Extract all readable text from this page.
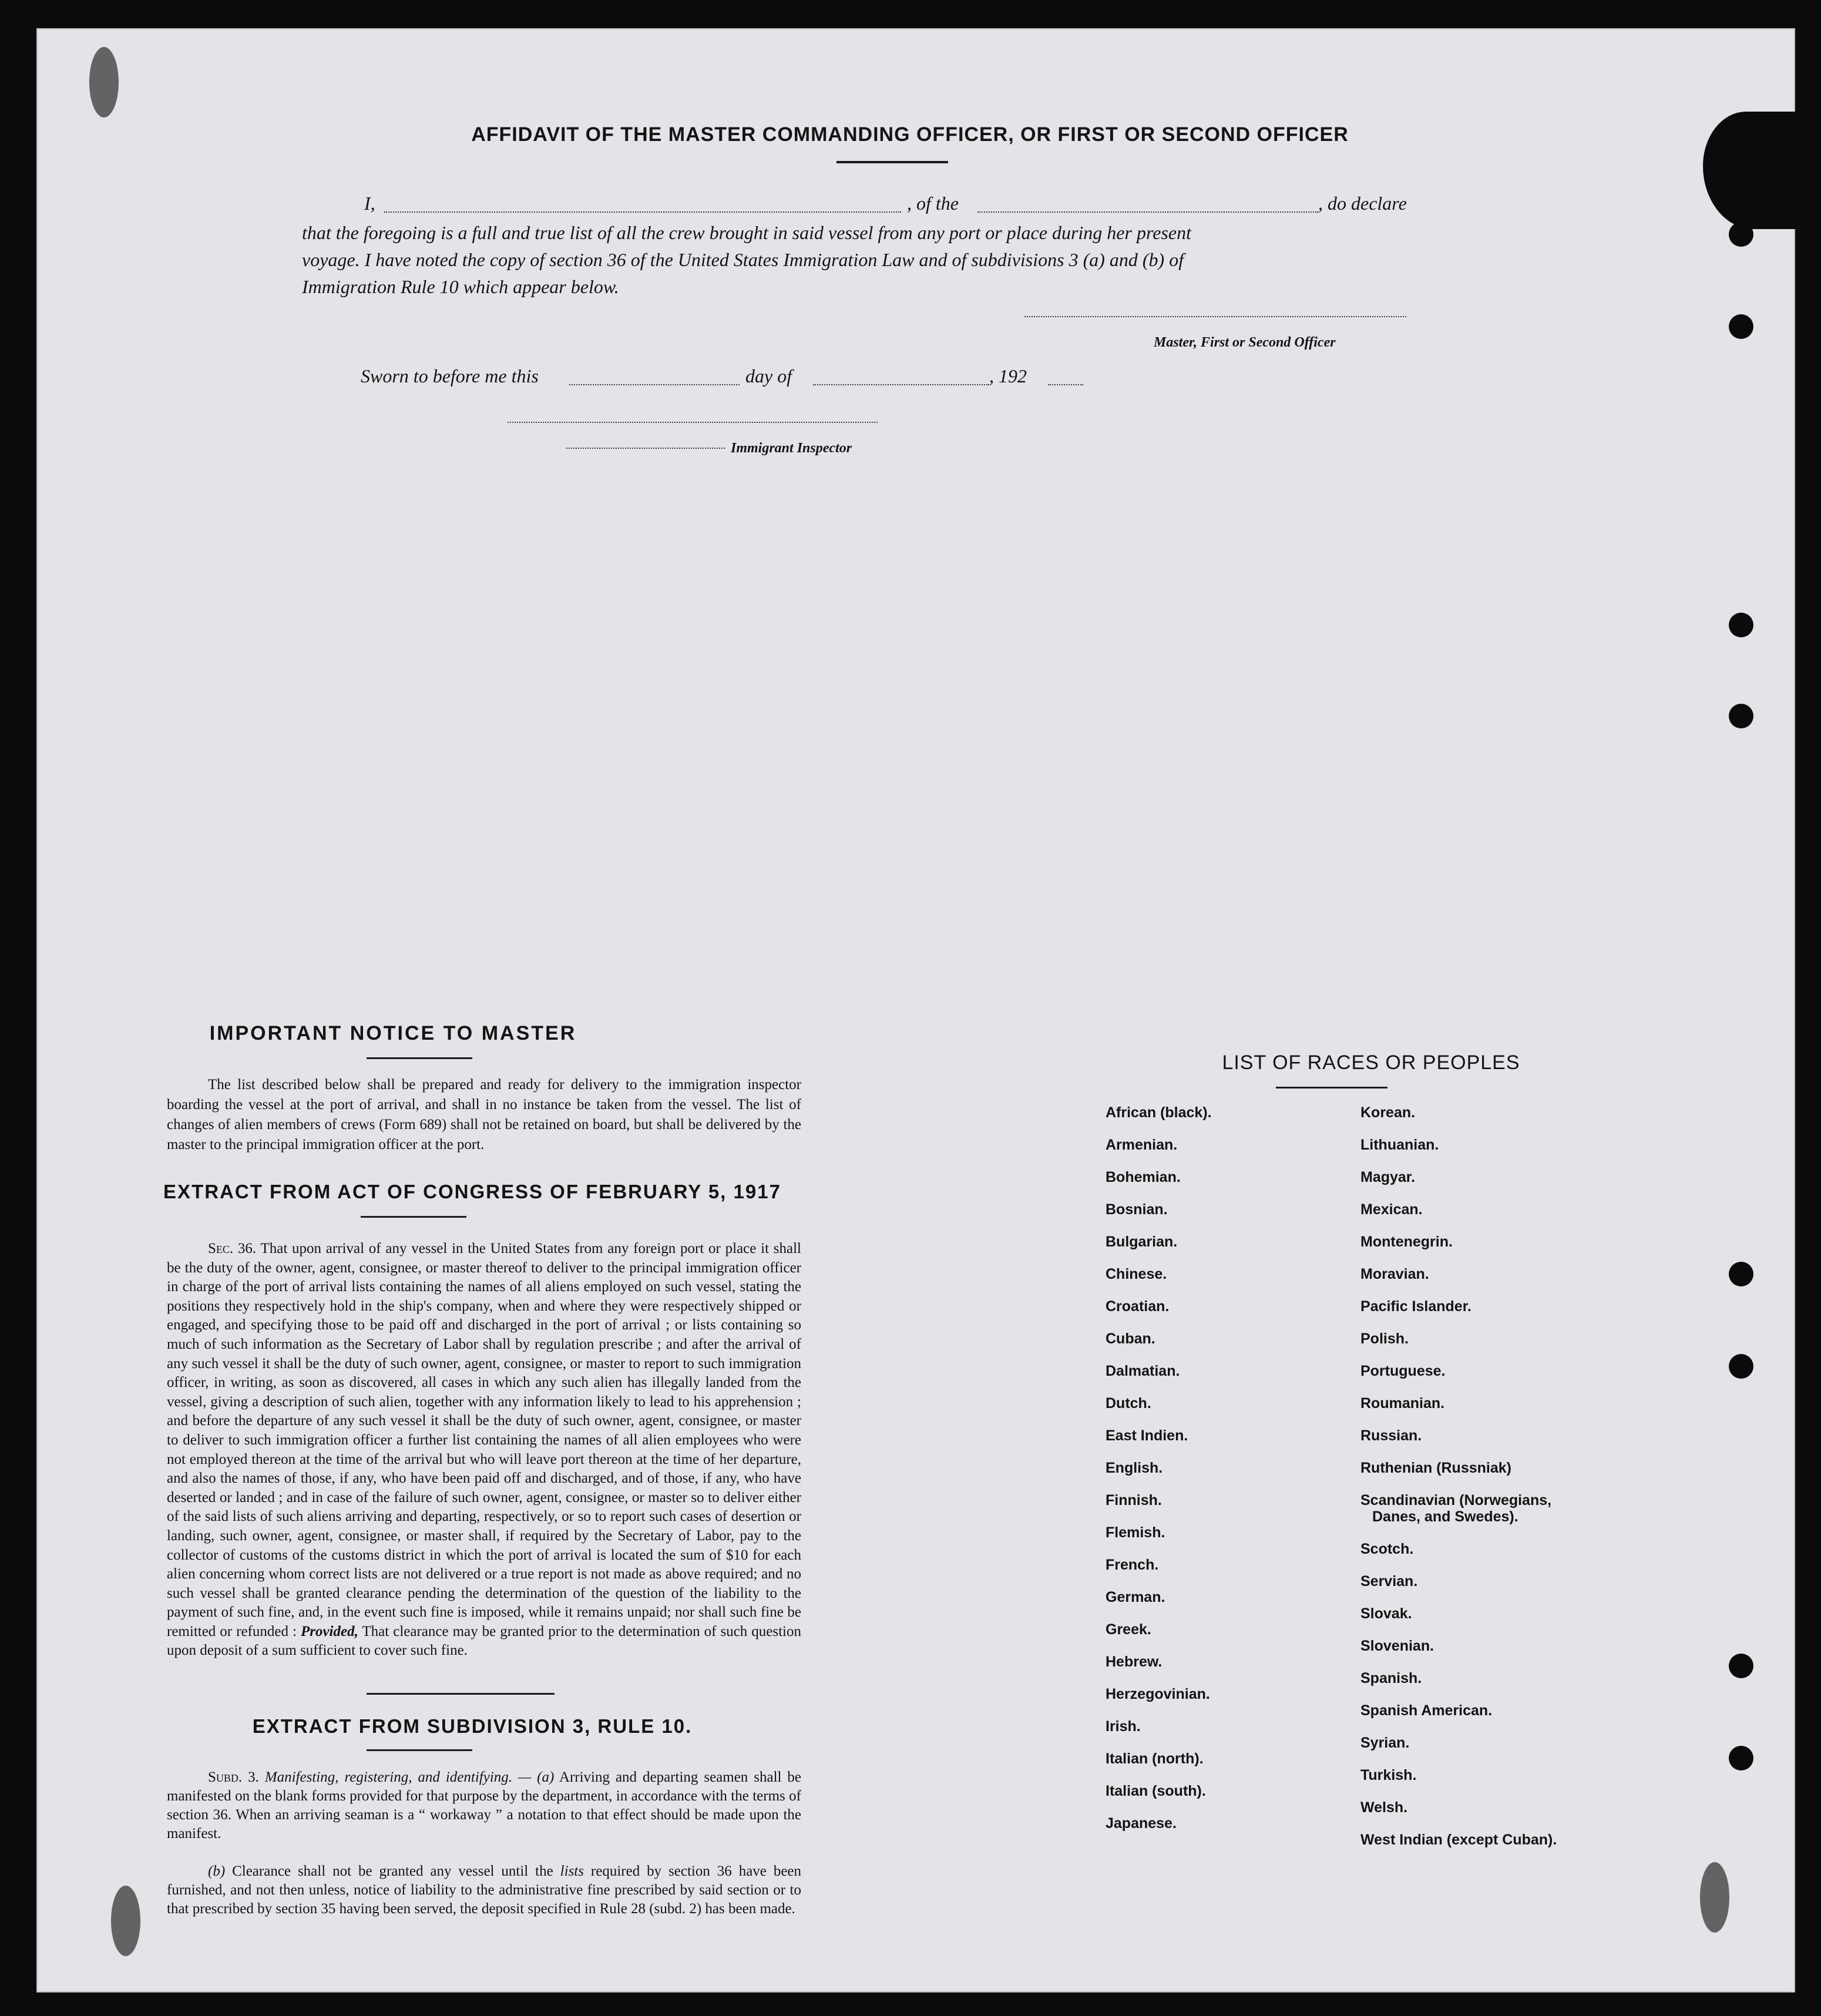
AFFIDAVIT OF THE MASTER COMMANDING OFFICER, OR FIRST OR SECOND OFFICER
I,	, of the	, do declare
that the foregoing is a full and true list of all the crew brought in said vessel from any port or place during her present
voyage. I have noted the copy of section 36 of the United States Immigration Law and of subdivisions 3 (a) and (b) of
Immigration Rule 10 which appear below.
Master, First or Second Officer
Sworn to before me this	day of	, 192
Immigrant Inspector
IMPORTANT NOTICE TO MASTER
The list described below shall be prepared and ready for delivery to the immigration inspector boarding the vessel at the port of arrival, and shall in no instance be taken from the vessel. The list of changes of alien members of crews (Form 689) shall not be retained on board, but shall be delivered by the master to the principal immigration officer at the port.
EXTRACT FROM ACT OF CONGRESS OF FEBRUARY 5, 1917
Sec. 36. That upon arrival of any vessel in the United States from any foreign port or place it shall be the duty of the owner, agent, consignee, or master thereof to deliver to the principal immigration officer in charge of the port of arrival lists containing the names of all aliens employed on such vessel, stating the positions they respectively hold in the ship's company, when and where they were respectively shipped or engaged, and specifying those to be paid off and discharged in the port of arrival ; or lists containing so much of such information as the Secretary of Labor shall by regulation prescribe ; and after the arrival of any such vessel it shall be the duty of such owner, agent, consignee, or master to report to such immigration officer, in writing, as soon as discovered, all cases in which any such alien has illegally landed from the vessel, giving a description of such alien, together with any information likely to lead to his apprehension ; and before the departure of any such vessel it shall be the duty of such owner, agent, consignee, or master to deliver to such immigration officer a further list containing the names of all alien employees who were not employed thereon at the time of the arrival but who will leave port thereon at the time of her departure, and also the names of those, if any, who have been paid off and discharged, and of those, if any, who have deserted or landed ; and in case of the failure of such owner, agent, consignee, or master so to deliver either of the said lists of such aliens arriving and departing, respectively, or so to report such cases of desertion or landing, such owner, agent, consignee, or master shall, if required by the Secretary of Labor, pay to the collector of customs of the customs district in which the port of arrival is located the sum of $10 for each alien concerning whom correct lists are not delivered or a true report is not made as above required; and no such vessel shall be granted clearance pending the determination of the question of the liability to the payment of such fine, and, in the event such fine is imposed, while it remains unpaid; nor shall such fine be remitted or refunded : Provided, That clearance may be granted prior to the determination of such question upon deposit of a sum sufficient to cover such fine.
EXTRACT FROM SUBDIVISION 3, RULE 10.
Subd. 3. Manifesting, registering, and identifying. — (a) Arriving and departing seamen shall be manifested on the blank forms provided for that purpose by the department, in accordance with the terms of section 36. When an arriving seaman is a “ workaway ” a notation to that effect should be made upon the manifest.
(b) Clearance shall not be granted any vessel until the lists required by section 36 have been furnished, and not then unless, notice of liability to the administrative fine prescribed by said section or to that prescribed by section 35 having been served, the deposit specified in Rule 28 (subd. 2) has been made.
LIST OF RACES OR PEOPLES
African (black).
Armenian.
Bohemian.
Bosnian.
Bulgarian.
Chinese.
Croatian.
Cuban.
Dalmatian.
Dutch.
East Indien.
English.
Finnish.
Flemish.
French.
German.
Greek.
Hebrew.
Herzegovinian.
Irish.
Italian (north).
Italian (south).
Japanese.
Korean.
Lithuanian.
Magyar.
Mexican.
Montenegrin.
Moravian.
Pacific Islander.
Polish.
Portuguese.
Roumanian.
Russian.
Ruthenian (Russniak)
Scandinavian (Norwegians,
Danes, and Swedes).
Scotch.
Servian.
Slovak.
Slovenian.
Spanish.
Spanish American.
Syrian.
Turkish.
Welsh.
West Indian (except Cuban).
